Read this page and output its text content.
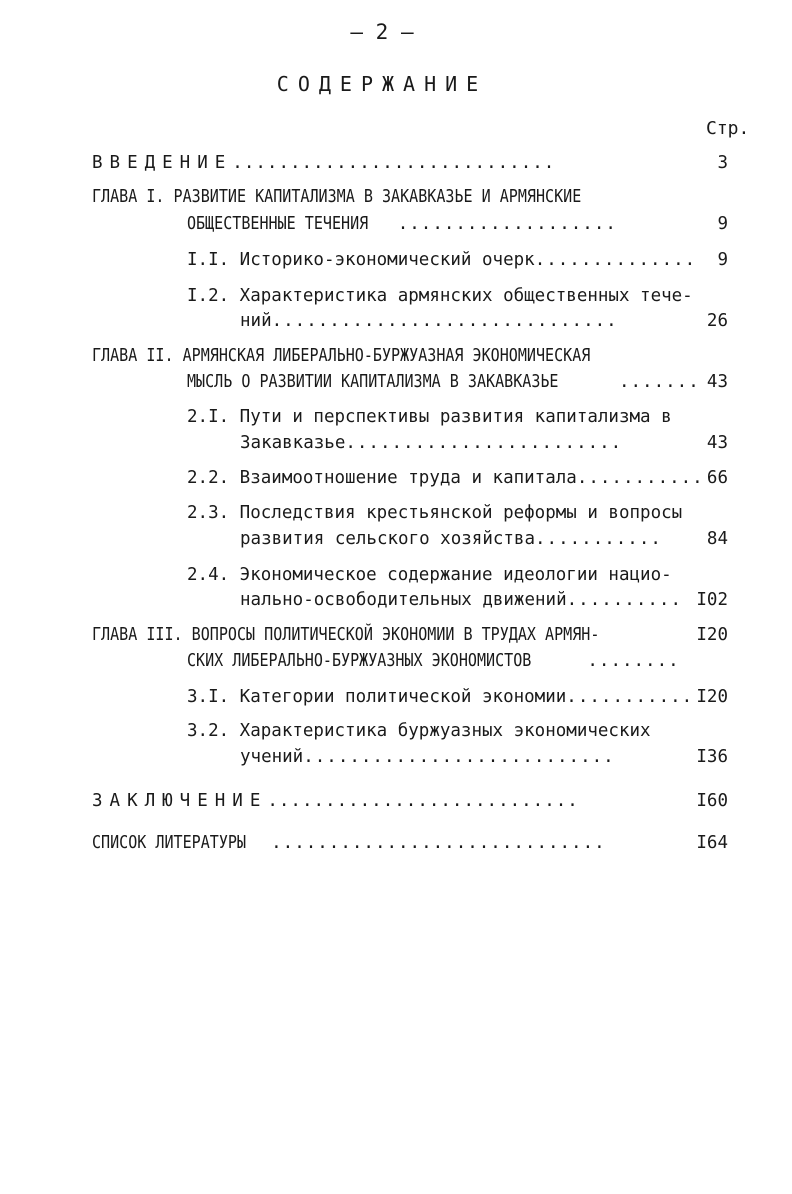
– 2 –
СОДЕРЖАНИЕ
Стр.
ВВЕДЕНИЕ............................	3
ГЛАВА I. РАЗВИТИЕ КАПИТАЛИЗМА В ЗАКАВКАЗЬЕ И АРМЯНСКИЕ
ОБЩЕСТВЕННЫЕ ТЕЧЕНИЯ ...................	9
I.I. Историко-экономический очерк..............	9
I.2. Характеристика армянских общественных тече-
ний..............................	26
ГЛАВА II. АРМЯНСКАЯ ЛИБЕРАЛЬНО-БУРЖУАЗНАЯ ЭКОНОМИЧЕСКАЯ
МЫСЛЬ О РАЗВИТИИ КАПИТАЛИЗМА В ЗАКАВКАЗЬЕ	....... 43
2.I. Пути и перспективы развития капитализма в
Закавказье........................	43
2.2. Взаимоотношение труда и капитала........... 66
2.3. Последствия крестьянской реформы и вопросы
развития сельского хозяйства...........	84
2.4. Экономическое содержание идеологии нацио-
нально-освободительных движений.......... I02
ГЛАВА III. ВОПРОСЫ ПОЛИТИЧЕСКОЙ ЭКОНОМИИ В ТРУДАХ АРМЯН-	I20
СКИХ ЛИБЕРАЛЬНО-БУРЖУАЗНЫХ ЭКОНОМИСТОВ	........
3.I. Категории политической экономии........... I20
3.2. Характеристика буржуазных экономических
учений...........................	I36
ЗАКЛЮЧЕНИЕ...........................	I60
СПИСОК ЛИТЕРАТУРЫ .............................	I64
